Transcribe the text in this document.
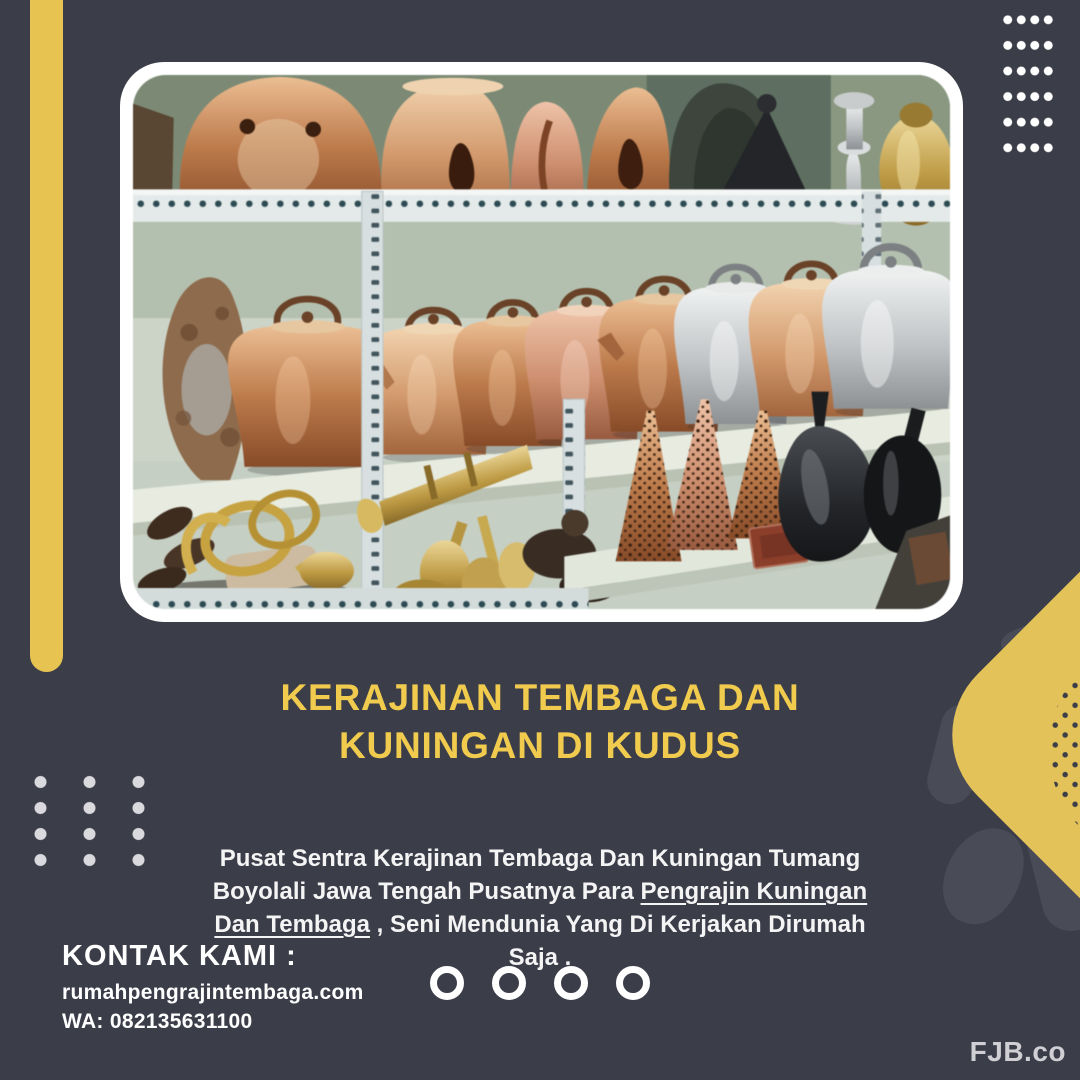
KERAJINAN TEMBAGA DAN
KUNINGAN DI KUDUS

Pusat Sentra Kerajinan Tembaga Dan Kuningan Tumang Boyolali Jawa Tengah Pusatnya Para Pengrajin Kuningan Dan Tembaga , Seni Mendunia Yang Di Kerjakan Dirumah Saja .

KONTAK KAMI :
rumahpengrajintembaga.com
WA: 082135631100
FJB.co
